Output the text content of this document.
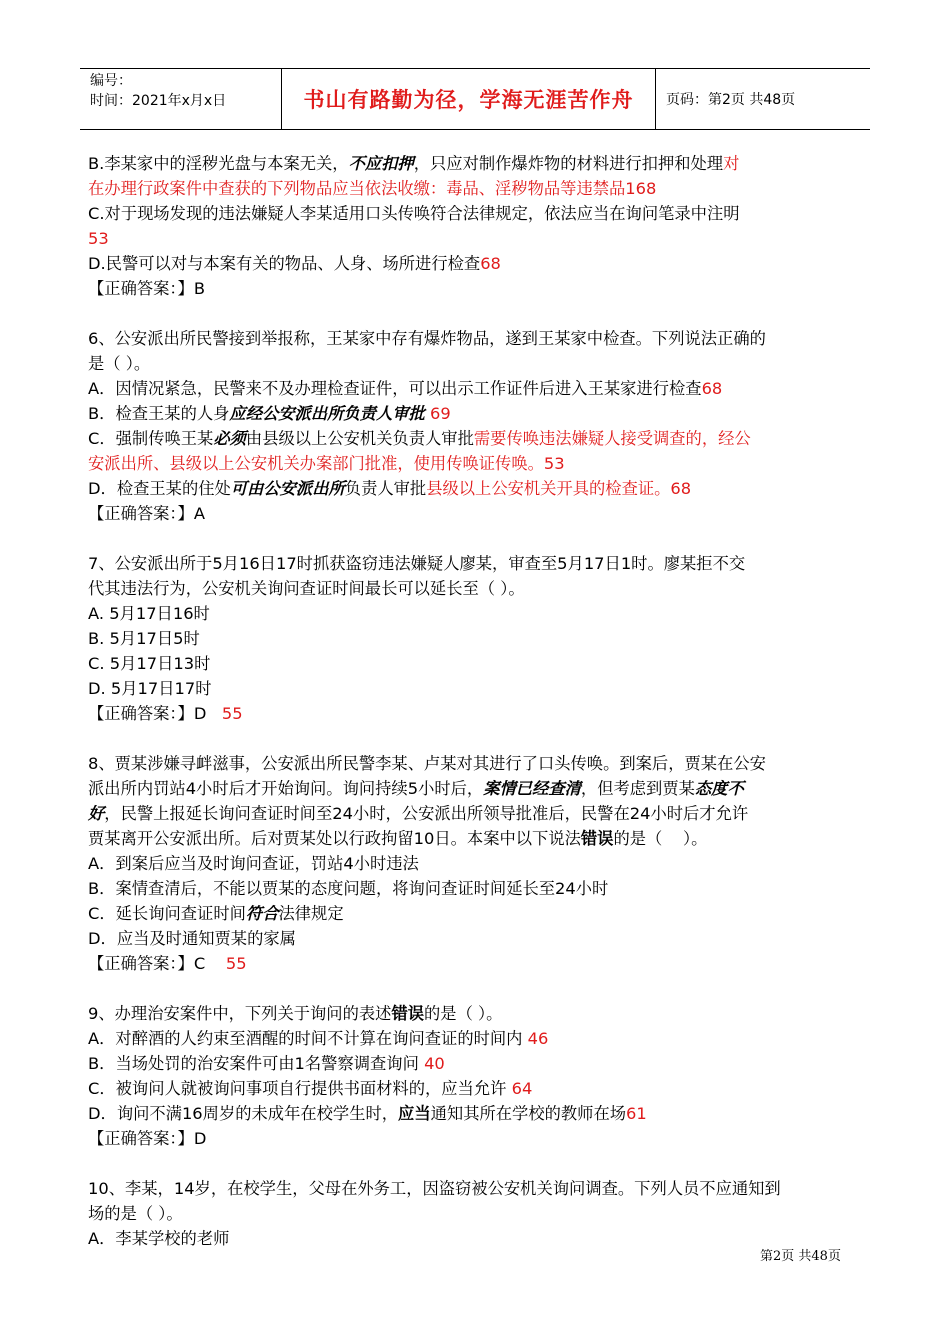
编号：
时间：2021年x月x日	书山有路勤为径，学海无涯苦作舟	页码：第2页 共48页
B.李某家中的淫秽光盘与本案无关，不应扣押，只应对制作爆炸物的材料进行扣押和处理对
在办理行政案件中查获的下列物品应当依法收缴：毒品、淫秽物品等违禁品168
C.对于现场发现的违法嫌疑人李某适用口头传唤符合法律规定，依法应当在询问笔录中注明
53
D.民警可以对与本案有关的物品、人身、场所进行检查68
【正确答案：】B
6、公安派出所民警接到举报称，王某家中存有爆炸物品，遂到王某家中检查。下列说法正确的
是（ ）。
A．因情况紧急，民警来不及办理检查证件，可以出示工作证件后进入王某家进行检查68
B．检查王某的人身应经公安派出所负责人审批 69
C．强制传唤王某必须由县级以上公安机关负责人审批需要传唤违法嫌疑人接受调查的，经公
安派出所、县级以上公安机关办案部门批准，使用传唤证传唤。53
D．检查王某的住处可由公安派出所负责人审批县级以上公安机关开具的检查证。68
【正确答案：】A
7、公安派出所于5月16日17时抓获盗窃违法嫌疑人廖某，审查至5月17日1时。廖某拒不交
代其违法行为，公安机关询问查证时间最长可以延长至（ ）。
A. 5月17日16时
B. 5月17日5时
C. 5月17日13时
D. 5月17日17时
【正确答案：】D   55
8、贾某涉嫌寻衅滋事，公安派出所民警李某、卢某对其进行了口头传唤。到案后，贾某在公安
派出所内罚站4小时后才开始询问。询问持续5小时后，案情已经查清，但考虑到贾某态度不
好，民警上报延长询问查证时间至24小时，公安派出所领导批准后，民警在24小时后才允许
贾某离开公安派出所。后对贾某处以行政拘留10日。本案中以下说法错误的是（    ）。
A．到案后应当及时询问查证，罚站4小时违法
B．案情查清后，不能以贾某的态度问题，将询问查证时间延长至24小时
C．延长询问查证时间符合法律规定
D．应当及时通知贾某的家属
【正确答案：】C    55
9、办理治安案件中，下列关于询问的表述错误的是（ ）。
A．对醉酒的人约束至酒醒的时间不计算在询问查证的时间内 46
B．当场处罚的治安案件可由1名警察调查询问 40
C．被询问人就被询问事项自行提供书面材料的，应当允许 64
D．询问不满16周岁的未成年在校学生时，应当通知其所在学校的教师在场61
【正确答案：】D
10、李某，14岁，在校学生，父母在外务工，因盗窃被公安机关询问调查。下列人员不应通知到
场的是（ ）。
A．李某学校的老师
第2页 共48页
